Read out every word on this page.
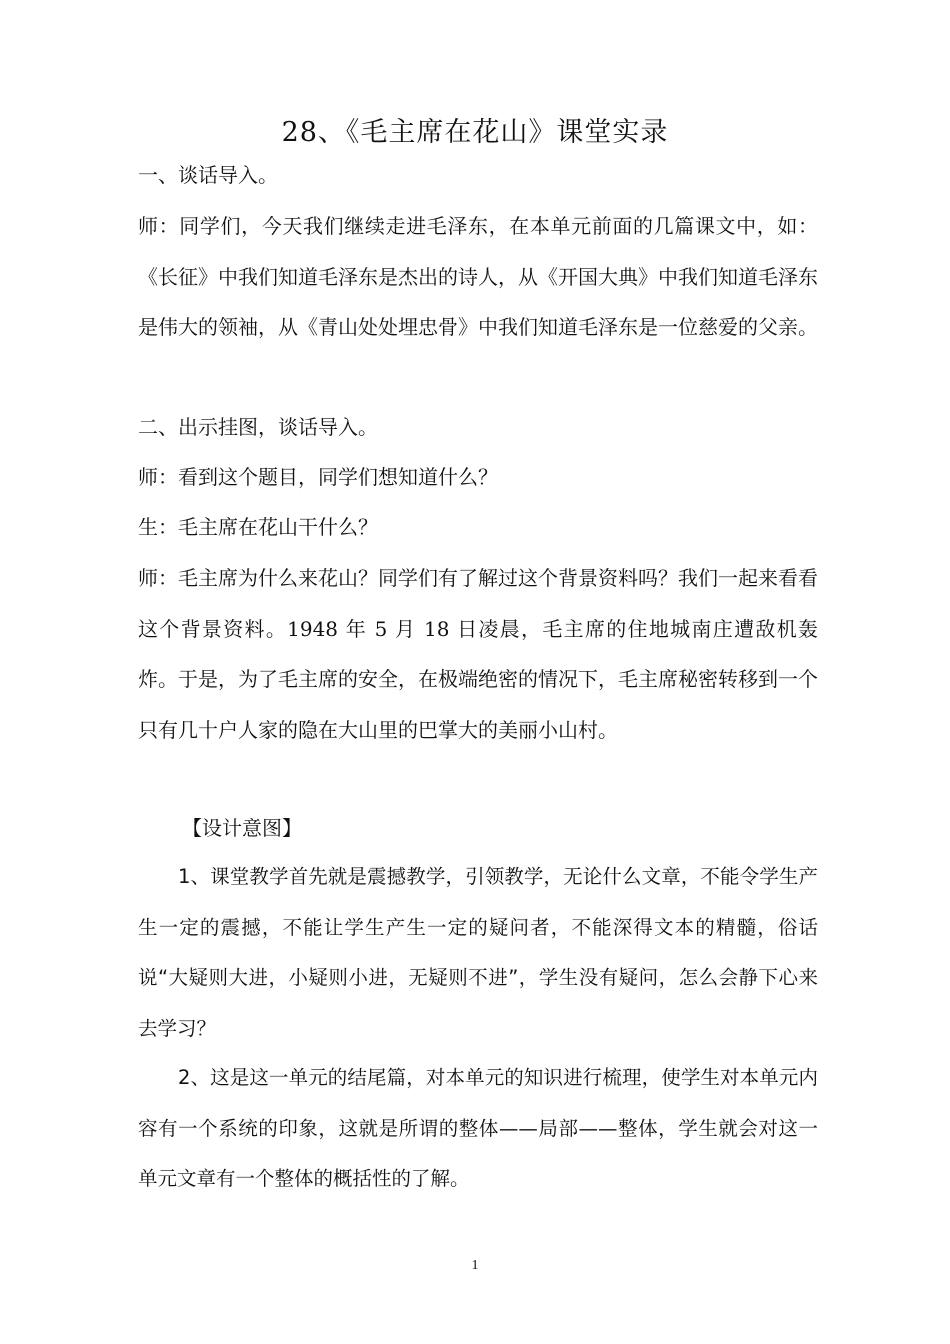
28、《毛主席在花山》课堂实录

一、谈话导入。

师：同学们，今天我们继续走进毛泽东，在本单元前面的几篇课文中，如：《长征》中我们知道毛泽东是杰出的诗人，从《开国大典》中我们知道毛泽东是伟大的领袖，从《青山处处埋忠骨》中我们知道毛泽东是一位慈爱的父亲。

二、出示挂图，谈话导入。

师：看到这个题目，同学们想知道什么？

生：毛主席在花山干什么？

师：毛主席为什么来花山？同学们有了解过这个背景资料吗？我们一起来看看这个背景资料。1948 年 5 月 18 日凌晨，毛主席的住地城南庄遭敌机轰炸。于是，为了毛主席的安全，在极端绝密的情况下，毛主席秘密转移到一个只有几十户人家的隐在大山里的巴掌大的美丽小山村。

【设计意图】

1、课堂教学首先就是震撼教学，引领教学，无论什么文章，不能令学生产生一定的震撼，不能让学生产生一定的疑问者，不能深得文本的精髓，俗话说“大疑则大进，小疑则小进，无疑则不进”，学生没有疑问，怎么会静下心来去学习？

2、这是这一单元的结尾篇，对本单元的知识进行梳理，使学生对本单元内容有一个系统的印象，这就是所谓的整体——局部——整体，学生就会对这一单元文章有一个整体的概括性的了解。

1
